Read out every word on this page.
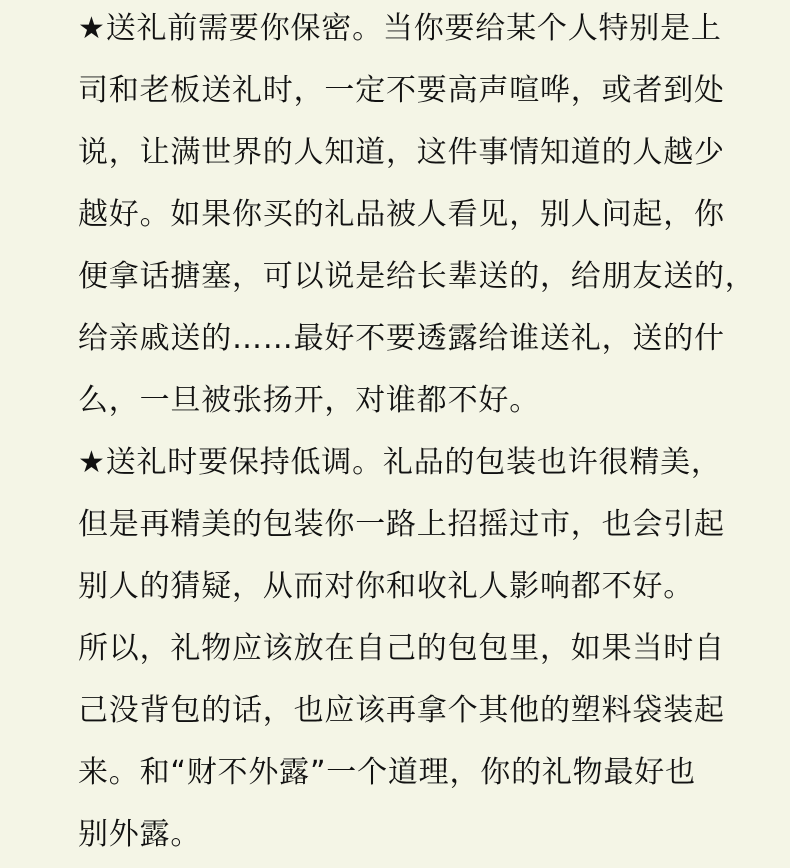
★送礼前需要你保密。当你要给某个人特别是上
司和老板送礼时，一定不要高声喧哗，或者到处
说，让满世界的人知道，这件事情知道的人越少
越好。如果你买的礼品被人看见，别人问起，你
便拿话搪塞，可以说是给长辈送的，给朋友送的，
给亲戚送的……最好不要透露给谁送礼，送的什
么，一旦被张扬开，对谁都不好。
★送礼时要保持低调。礼品的包装也许很精美，
但是再精美的包装你一路上招摇过市，也会引起
别人的猜疑，从而对你和收礼人影响都不好。
所以，礼物应该放在自己的包包里，如果当时自
己没背包的话，也应该再拿个其他的塑料袋装起
来。和“财不外露”一个道理，你的礼物最好也
别外露。
